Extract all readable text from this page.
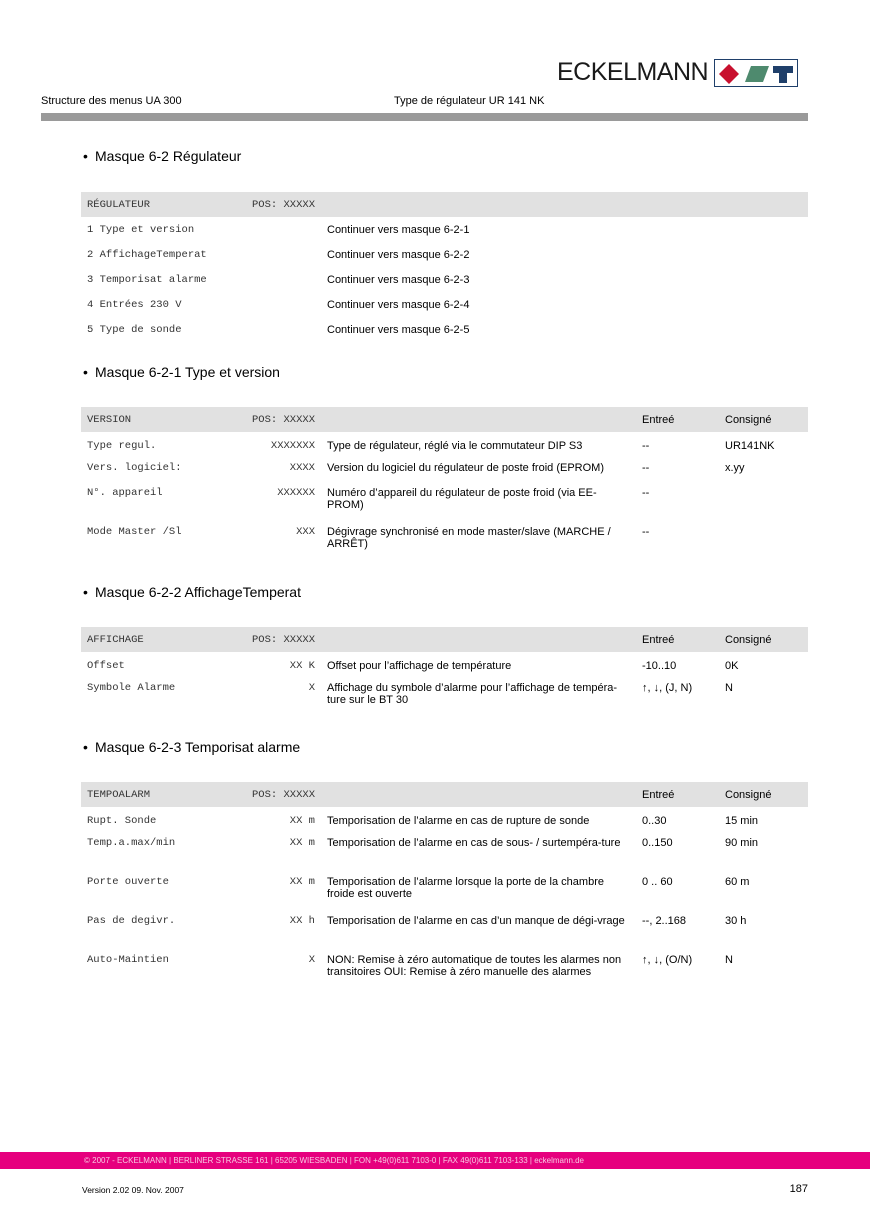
ECKELMANN
Structure des menus UA 300	Type de régulateur UR 141 NK
• Masque 6-2 Régulateur
RÉGULATEUR	POS: XXXXX			
1 Type et version		Continuer vers masque 6-2-1		
2 AffichageTemperat		Continuer vers masque 6-2-2		
3 Temporisat alarme		Continuer vers masque 6-2-3		
4 Entrées 230 V		Continuer vers masque 6-2-4		
5 Type de sonde		Continuer vers masque 6-2-5		
• Masque 6-2-1 Type et version
VERSION	POS: XXXXX		Entreé	Consigné
Type regul.	XXXXXXX	Type de régulateur, réglé via le commutateur DIP S3	--	UR141NK
Vers. logiciel:	XXXX	Version du logiciel du régulateur de poste froid (EPROM)	--	x.yy
N°. appareil	XXXXXX	Numéro d’appareil du régulateur de poste froid (via EE-PROM)	--	
Mode Master /Sl	XXX	Dégivrage synchronisé en mode master/slave (MARCHE / ARRÊT)	--	
• Masque 6-2-2 AffichageTemperat
AFFICHAGE	POS: XXXXX		Entreé	Consigné
Offset	XX K	Offset pour l’affichage de température	-10..10	0K
Symbole Alarme	X	Affichage du symbole d’alarme pour l’affichage de tempéra-ture sur le BT 30	↑, ↓, (J, N)	N
• Masque 6-2-3 Temporisat alarme
TEMPOALARM	POS: XXXXX		Entreé	Consigné
Rupt. Sonde	XX m	Temporisation de l’alarme en cas de rupture de sonde	0..30	15 min
Temp.a.max/min	XX m	Temporisation de l’alarme en cas de sous- / surtempéra-ture	0..150	90 min
Porte ouverte	XX m	Temporisation de l’alarme lorsque la porte de la chambre froide est ouverte	0 .. 60	60 m
Pas de degivr.	XX h	Temporisation de l’alarme en cas d’un manque de dégi-vrage	--, 2..168	30 h
Auto-Maintien	X	NON: Remise à zéro automatique de toutes les alarmes non transitoires OUI: Remise à zéro manuelle des alarmes	↑, ↓, (O/N)	N
© 2007 - ECKELMANN | BERLINER STRASSE 161 | 65205 WIESBADEN | FON +49(0)611 7103-0 | FAX 49(0)611 7103-133 | eckelmann.de
Version 2.02 09. Nov. 2007	187
